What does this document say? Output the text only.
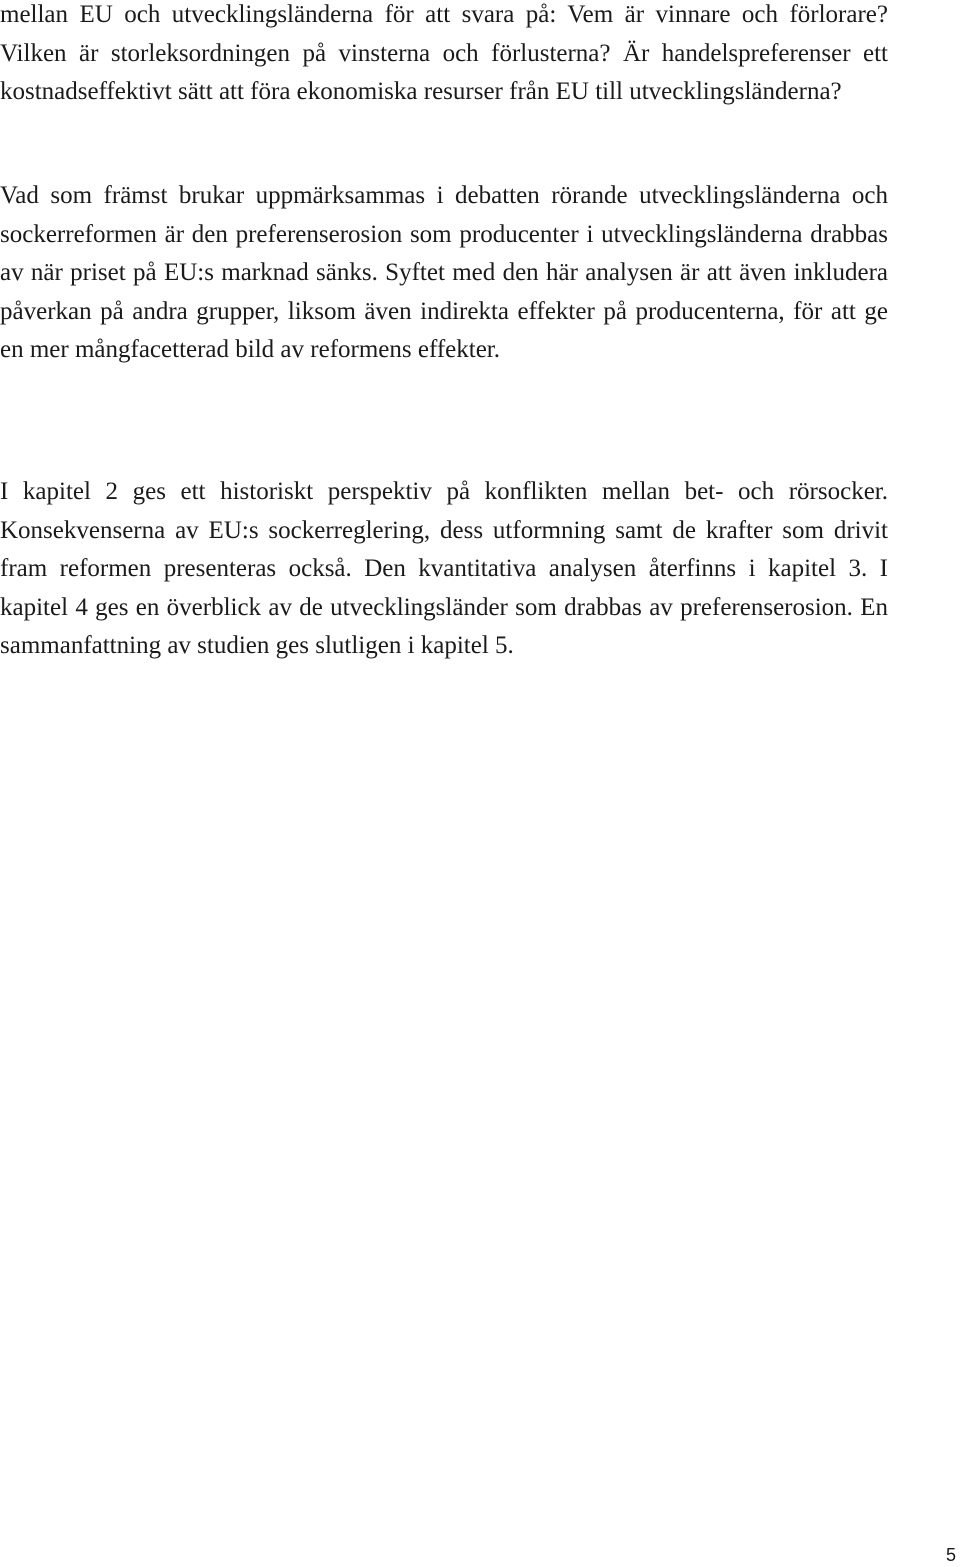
mellan EU och utvecklingsländerna för att svara på: Vem är vinnare och förlorare? Vilken är storleksordningen på vinsterna och förlusterna? Är handelspreferenser ett kostnadseffektivt sätt att föra ekonomiska resurser från EU till utvecklingsländerna?

Vad som främst brukar uppmärksammas i debatten rörande utvecklingsländerna och sockerreformen är den preferenserosion som producenter i utvecklingsländerna drabbas av när priset på EU:s marknad sänks. Syftet med den här analysen är att även inkludera påverkan på andra grupper, liksom även indirekta effekter på producenterna, för att ge en mer mångfacetterad bild av reformens effekter.

I kapitel 2 ges ett historiskt perspektiv på konflikten mellan bet- och rörsocker. Konsekvenserna av EU:s sockerreglering, dess utformning samt de krafter som drivit fram reformen presenteras också. Den kvantitativa analysen återfinns i kapitel 3. I kapitel 4 ges en överblick av de utvecklingsländer som drabbas av preferenserosion. En sammanfattning av studien ges slutligen i kapitel 5.

5
